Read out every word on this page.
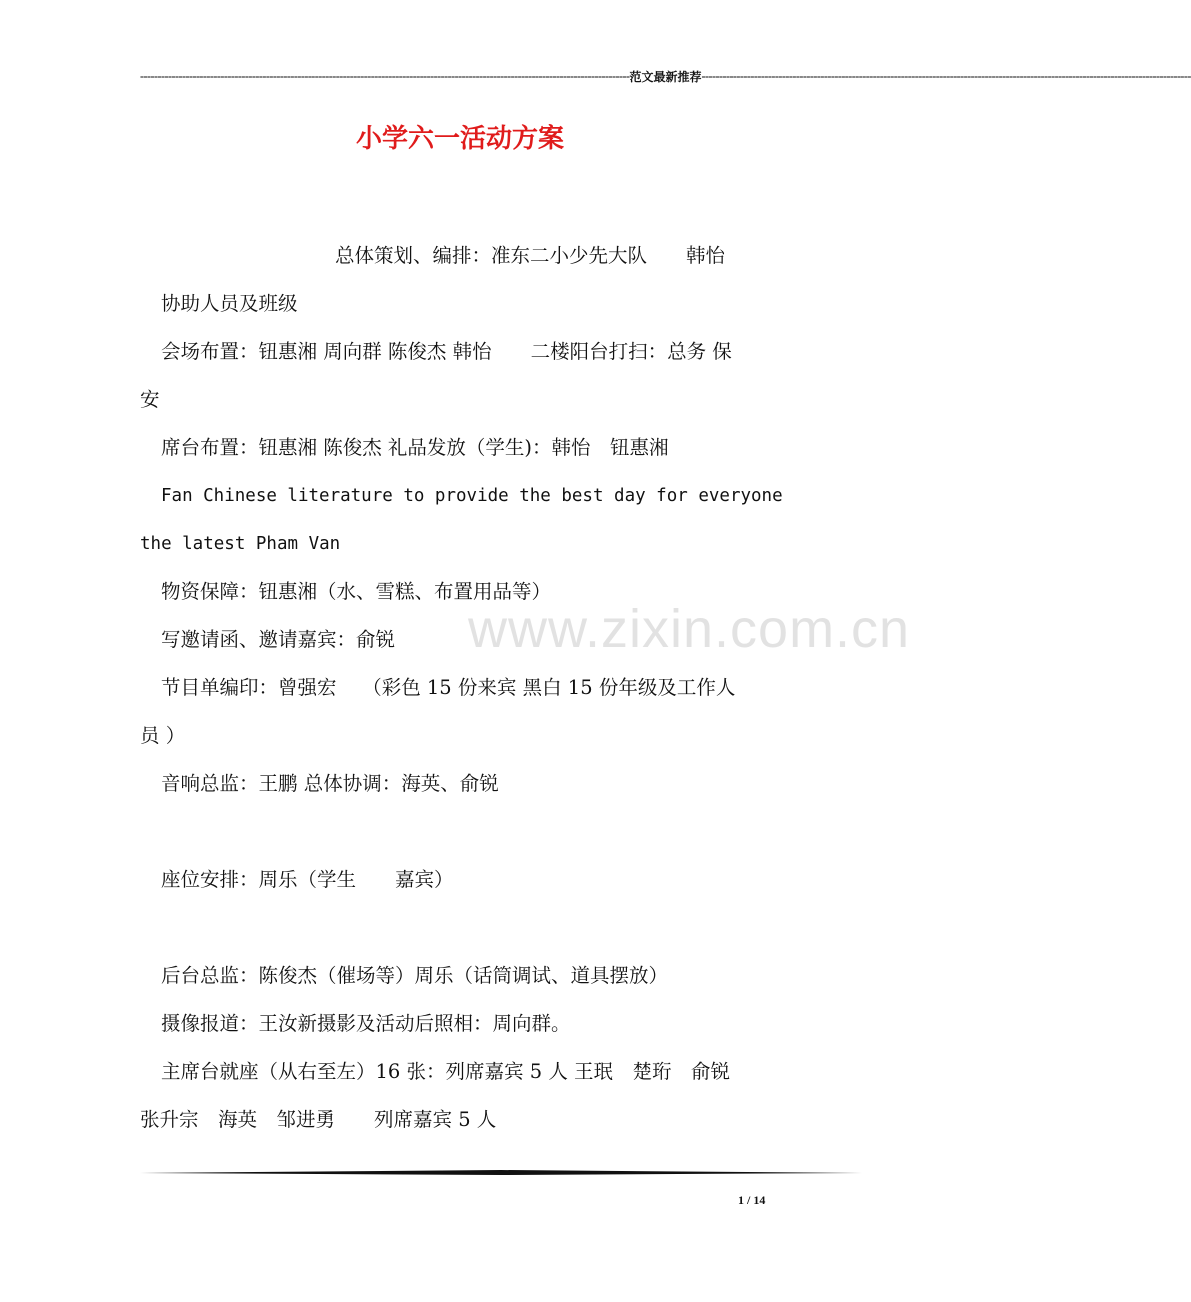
-------------------------------------------------------------------------------------------------------------------------------------------- 范文最新推荐 --------------------------------------------------------------------------------------------------------------------------------------------
小学六一活动方案

总体策划、编排：准东二小少先大队　　韩怡

协助人员及班级

会场布置：钮惠湘 周向群 陈俊杰 韩怡　　二楼阳台打扫：总务 保

安

席台布置：钮惠湘 陈俊杰 礼品发放（学生)：韩怡　钮惠湘

Fan Chinese literature to provide the best day for everyone

the latest Pham Van

物资保障：钮惠湘（水、雪糕、布置用品等）

写邀请函、邀请嘉宾：俞锐

节目单编印：曾强宏　 （彩色 15 份来宾 黑白 15 份年级及工作人

员 ）

音响总监：王鹏 总体协调：海英、俞锐

座位安排：周乐（学生　　嘉宾）

后台总监：陈俊杰（催场等）周乐（话筒调试、道具摆放）

摄像报道：王汝新摄影及活动后照相：周向群。

主席台就座（从右至左）16 张：列席嘉宾 5 人 王珉　楚珩　俞锐

张升宗　海英　邹进勇　　列席嘉宾 5 人

www.zixin.com.cn
1 / 14
